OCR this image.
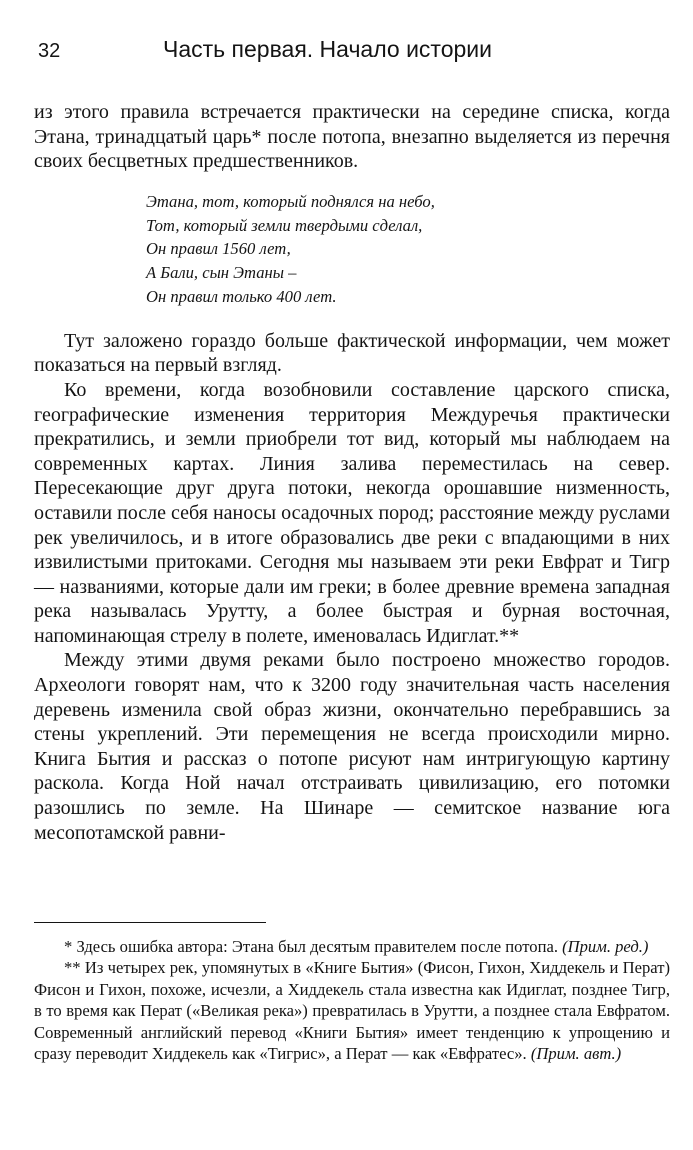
32	Часть первая. Начало истории

из этого правила встречается практически на середине списка, когда Этана, тринадцатый царь* после потопа, внезапно выделяется из перечня своих бесцветных предшественников.

Этана, тот, который поднялся на небо,
Тот, который земли твердыми сделал,
Он правил 1560 лет,
А Бали, сын Этаны –
Он правил только 400 лет.

Тут заложено гораздо больше фактической информации, чем может показаться на первый взгляд.

Ко времени, когда возобновили составление царского списка, географические изменения территория Междуречья практически прекратились, и земли приобрели тот вид, который мы наблюдаем на современных картах. Линия залива переместилась на север. Пересекающие друг друга потоки, некогда орошавшие низменность, оставили после себя наносы осадочных пород; расстояние между руслами рек увеличилось, и в итоге образовались две реки с впадающими в них извилистыми притоками. Сегодня мы называем эти реки Евфрат и Тигр — названиями, которые дали им греки; в более древние времена западная река называлась Урутту, а более быстрая и бурная восточная, напоминающая стрелу в полете, именовалась Идиглат.**

Между этими двумя реками было построено множество городов. Археологи говорят нам, что к 3200 году значительная часть населения деревень изменила свой образ жизни, окончательно перебравшись за стены укреплений. Эти перемещения не всегда происходили мирно. Книга Бытия и рассказ о потопе рисуют нам интригующую картину раскола. Когда Ной начал отстраивать цивилизацию, его потомки разошлись по земле. На Шинаре — семитское название юга месопотамской равни-

* Здесь ошибка автора: Этана был десятым правителем после потопа. (Прим. ред.)

** Из четырех рек, упомянутых в «Книге Бытия» (Фисон, Гихон, Хиддекель и Перат) Фисон и Гихон, похоже, исчезли, а Хиддекель стала известна как Идиглат, позднее Тигр, в то время как Перат («Великая река») превратилась в Урутти, а позднее стала Евфратом. Современный английский перевод «Книги Бытия» имеет тенденцию к упрощению и сразу переводит Хиддекель как «Тигрис», а Перат — как «Евфратес». (Прим. авт.)
